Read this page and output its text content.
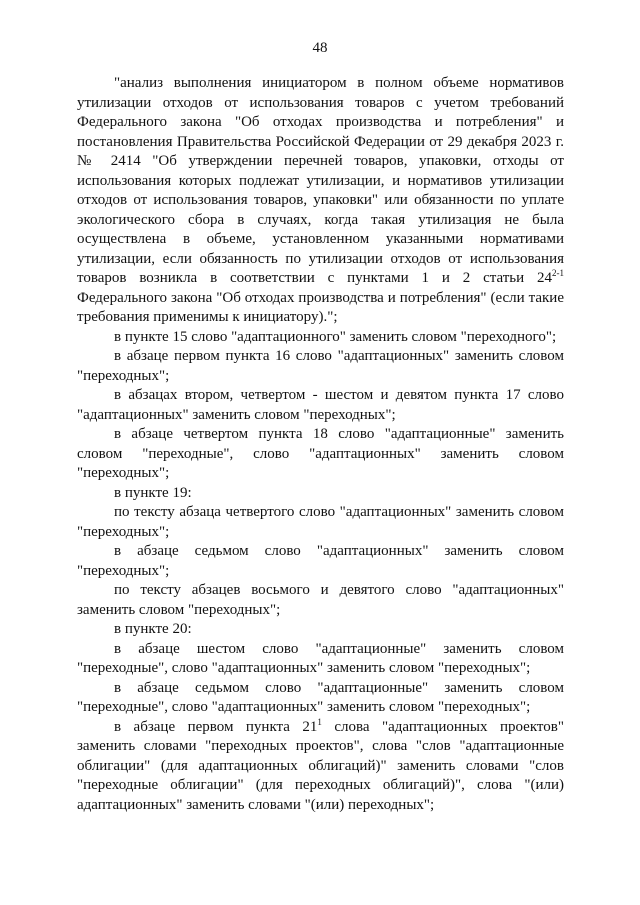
48

"анализ выполнения инициатором в полном объеме нормативов утилизации отходов от использования товаров с учетом требований Федерального закона "Об отходах производства и потребления" и постановления Правительства Российской Федерации от 29 декабря 2023 г. № 2414 "Об утверждении перечней товаров, упаковки, отходы от использования которых подлежат утилизации, и нормативов утилизации отходов от использования товаров, упаковки" или обязанности по уплате экологического сбора в случаях, когда такая утилизация не была осуществлена в объеме, установленном указанными нормативами утилизации, если обязанность по утилизации отходов от использования товаров возникла в соответствии с пунктами 1 и 2 статьи 24$^{2-1}$ Федерального закона "Об отходах производства и потребления" (если такие требования применимы к инициатору).";

в пункте 15 слово "адаптационного" заменить словом "переходного";

в абзаце первом пункта 16 слово "адаптационных" заменить словом "переходных";

в абзацах втором, четвертом - шестом и девятом пункта 17 слово "адаптационных" заменить словом "переходных";

в абзаце четвертом пункта 18 слово "адаптационные" заменить словом "переходные", слово "адаптационных" заменить словом "переходных";

в пункте 19:

по тексту абзаца четвертого слово "адаптационных" заменить словом "переходных";

в абзаце седьмом слово "адаптационных" заменить словом "переходных";

по тексту абзацев восьмого и девятого слово "адаптационных" заменить словом "переходных";

в пункте 20:

в абзаце шестом слово "адаптационные" заменить словом "переходные", слово "адаптационных" заменить словом "переходных";

в абзаце седьмом слово "адаптационные" заменить словом "переходные", слово "адаптационных" заменить словом "переходных";

в абзаце первом пункта $21^1$ слова "адаптационных проектов" заменить словами "переходных проектов", слова "слов "адаптационные облигации" (для адаптационных облигаций)" заменить словами "слов "переходные облигации" (для переходных облигаций)", слова "(или) адаптационных" заменить словами "(или) переходных";
